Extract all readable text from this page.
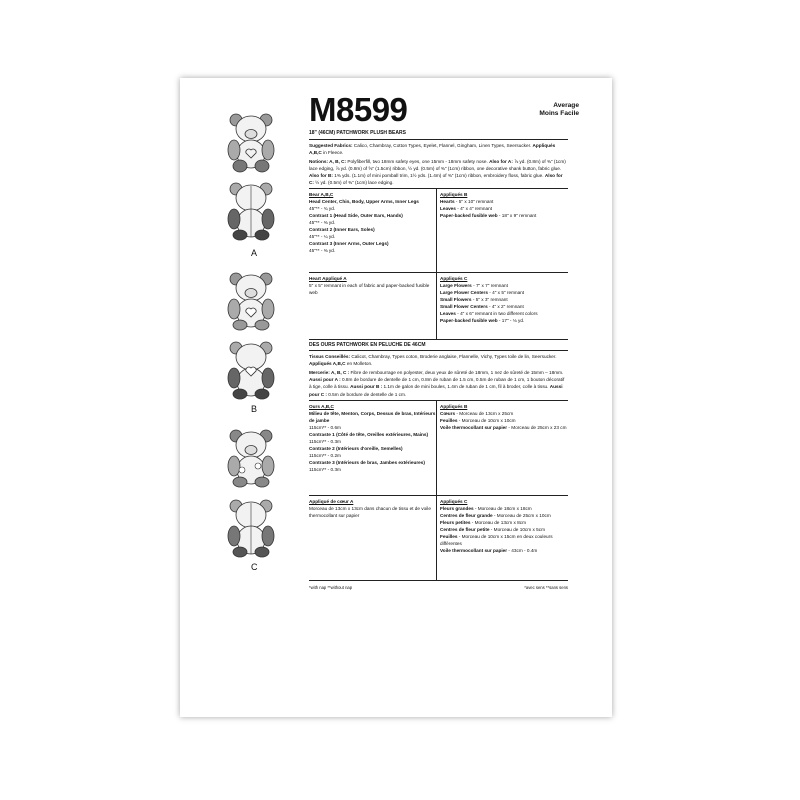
A
B
C
M8599	Average
Moins Facile
18" (46CM) PATCHWORK PLUSH BEARS
Suggested Fabrics: Calico, Chambray, Cotton Types, Eyelet, Flannel, Gingham, Linen Types, Seersucker. Appliqués A,B,C in Fleece.
Notions: A, B, C: Polyfiberfill, two 18mm safety eyes, one 15mm - 18mm safety nose. Also for A: ⅞ yd. (0.8m) of ⅜" (1cm) lace edging, ⅞ yd. (0.8m) of ⅝" (1.5cm) ribbon, ½ yd. (0.5m) of ⅜" (1cm) ribbon, one decorative shank button, fabric glue. Also for B: 1⅜ yds. (1.1m) of mini pomball trim, 1½ yds. (1.4m) of ⅜" (1cm) ribbon, embroidery floss, fabric glue. Also for C: ½ yd. (0.5m) of ⅜" (1cm) lace edging.
Bear A,B,C
Head Center, Chin, Body, Upper Arms, Inner Legs
45"** - ¾ yd.
Contrast 1 (Head Side, Outer Ears, Hands)
45"** - ⅜ yd.
Contrast 2 (Inner Ears, Soles)
45"** - ¼ yd.
Contrast 3 (Inner Arms, Outer Legs)
45"** - ⅜ yd.
Appliqués B
Hearts - 5" x 10" remnant
Leaves - 4" x 4" remnant
Paper-backed fusible web - 18" x 9" remnant
Heart Appliqué A
5" x 5" remnant in each of fabric and paper-backed fusible web
Appliqués C
Large Flowers - 7" x 7" remnant
Large Flower Centers - 4" x 5" remnant
Small Flowers - 5" x 3" remnant
Small Flower Centers - 4" x 2" remnant
Leaves - 4" x 6" remnant in two different colors
Paper-backed fusible web - 17" - ⅛ yd.
DES OURS PATCHWORK EN PELUCHE DE 46CM
Tissus Conseillés: Calicot, Chambray, Types coton, Broderie anglaise, Flannelle, Vichy, Types toile de lin, Seersucker. Appliqués A,B,C en Molleton.
Mercerie: A, B, C : Fibre de rembourrage en polyester, deux yeux de sûreté de 18mm, 1 nez de sûreté de 15mm – 18mm. Aussi pour A : 0.8m de bordure de dentelle de 1 cm, 0.8m de ruban de 1.5 cm, 0.5m de ruban de 1 cm, 1 bouton décoratif à tige, colle à tissu. Aussi pour B : 1.1m de galon de mini boules, 1.4m de ruban de 1 cm, fil à broder, colle à tissu. Aussi pour C : 0.5m de bordure de dentelle de 1 cm.
Ours A,B,C
Milieu de tête, Menton, Corps, Dessus de bras, Intérieurs de jambe
115cm** - 0.6m
Contraste 1 (Côté de tête, Oreilles extérieures, Mains)
115cm** - 0.3m
Contraste 2 (Intérieurs d'oreille, Semelles)
115cm** - 0.2m
Contraste 3 (Intérieurs de bras, Jambes extérieures)
115cm** - 0.3m
Appliqués B
Cœurs - Morceau de 13cm x 25cm
Feuilles - Morceau de 10cm x 10cm
Voile thermocollant sur papier - Morceau de 25cm x 23 cm
Appliqué de cœur A
Morceau de 13cm x 13cm dans chacun de tissu et de voile thermocollant sur papier
Appliqués C
Fleurs grandes - Morceau de 18cm x 18cm
Centres de fleur grande - Morceau de 25cm x 10cm
Fleurs petites - Morceau de 13cm x 8cm
Centres de fleur petite - Morceau de 10cm x 5cm
Feuilles - Morceau de 10cm x 15cm en deux couleurs différentes
Voile thermocollant sur papier - 43cm - 0.4m
*with nap **without nap	*avec sens **sans sens
